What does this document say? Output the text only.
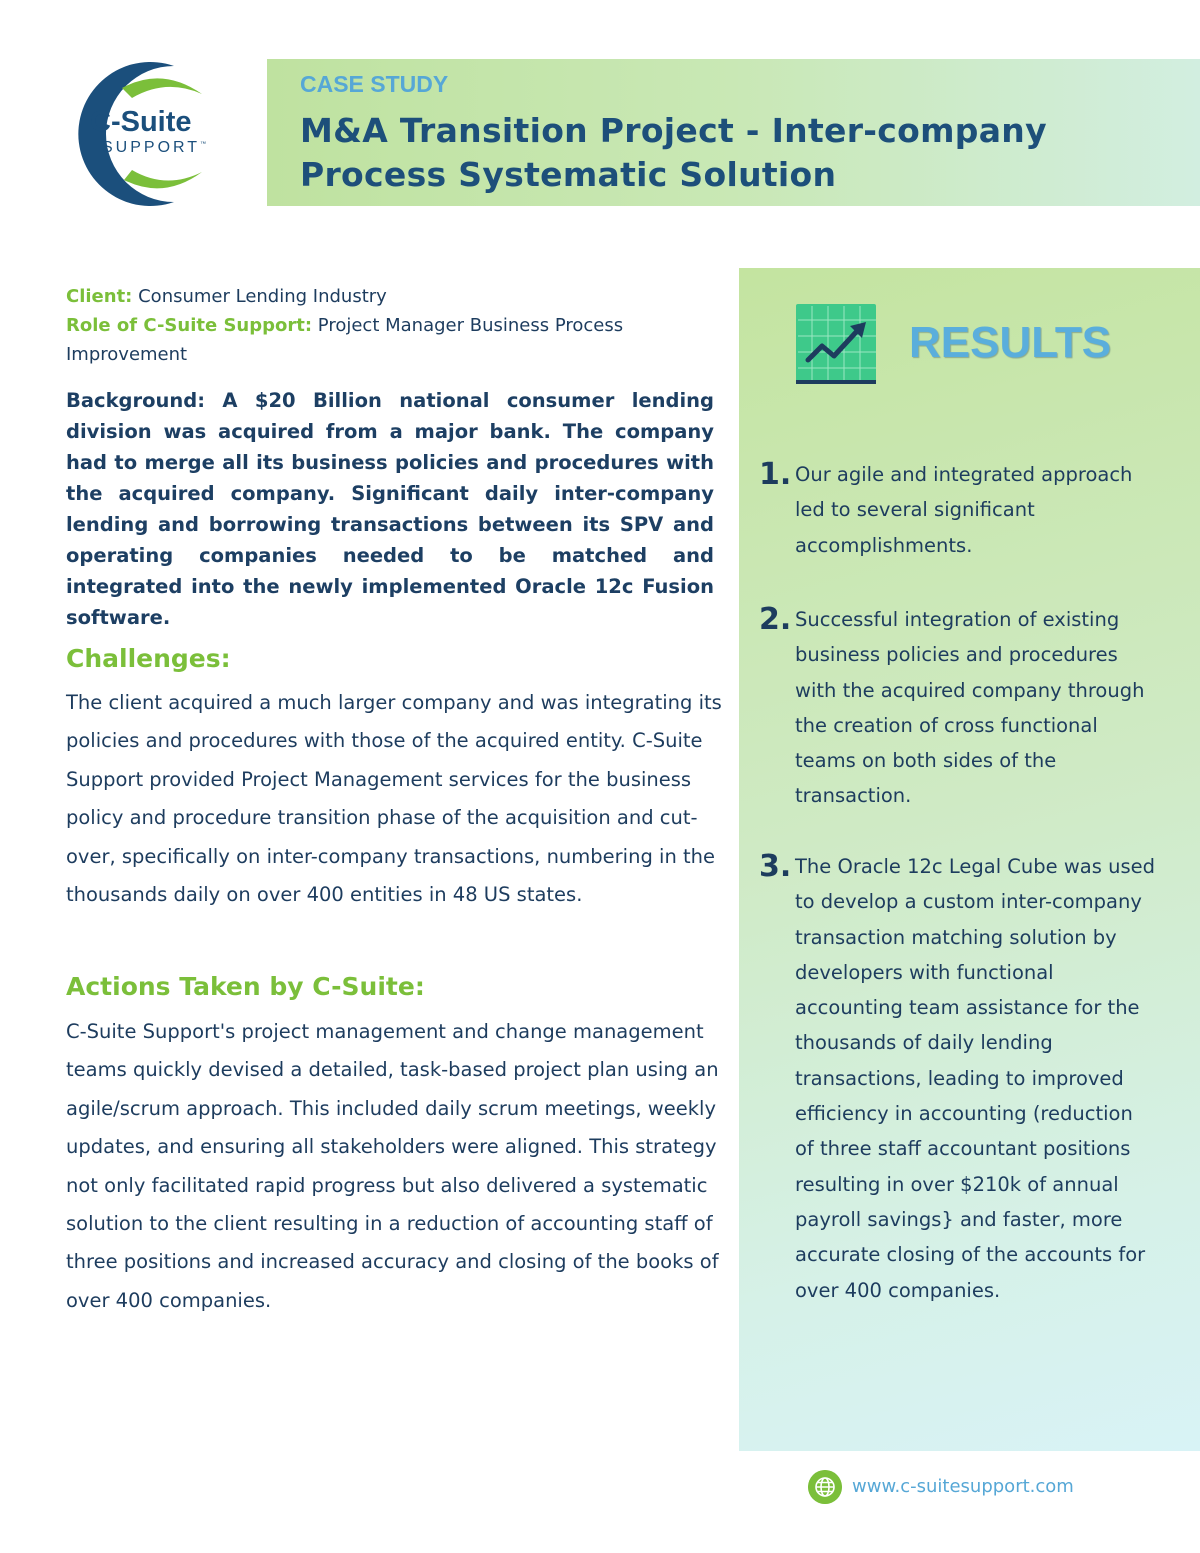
C-Suite
SUPPORT™
CASE STUDY
M&A Transition Project - Inter-company Process Systematic Solution
Client: Consumer Lending Industry
Role of C-Suite Support: Project Manager Business Process Improvement
Background: A $20 Billion national consumer lending division was acquired from a major bank. The company had to merge all its business policies and procedures with the acquired company. Significant daily inter-company lending and borrowing transactions between its SPV and operating companies needed to be matched and integrated into the newly implemented Oracle 12c Fusion software.
Challenges:
The client acquired a much larger company and was integrating its policies and procedures with those of the acquired entity. C-Suite Support provided Project Management services for the business policy and procedure transition phase of the acquisition and cut-over, specifically on inter-company transactions, numbering in the thousands daily on over 400 entities in 48 US states.
Actions Taken by C-Suite:
C-Suite Support's project management and change management teams quickly devised a detailed, task-based project plan using an agile/scrum approach. This included daily scrum meetings, weekly updates, and ensuring all stakeholders were aligned. This strategy not only facilitated rapid progress but also delivered a systematic solution to the client resulting in a reduction of accounting staff of three positions and increased accuracy and closing of the books of over 400 companies.
RESULTS
1. Our agile and integrated approach led to several significant accomplishments.
2. Successful integration of existing business policies and procedures with the acquired company through the creation of cross functional teams on both sides of the transaction.
3. The Oracle 12c Legal Cube was used to develop a custom inter-company transaction matching solution by developers with functional accounting team assistance for the thousands of daily lending transactions, leading to improved efficiency in accounting (reduction of three staff accountant positions resulting in over $210k of annual payroll savings} and faster, more accurate closing of the accounts for over 400 companies.
www.c-suitesupport.com
